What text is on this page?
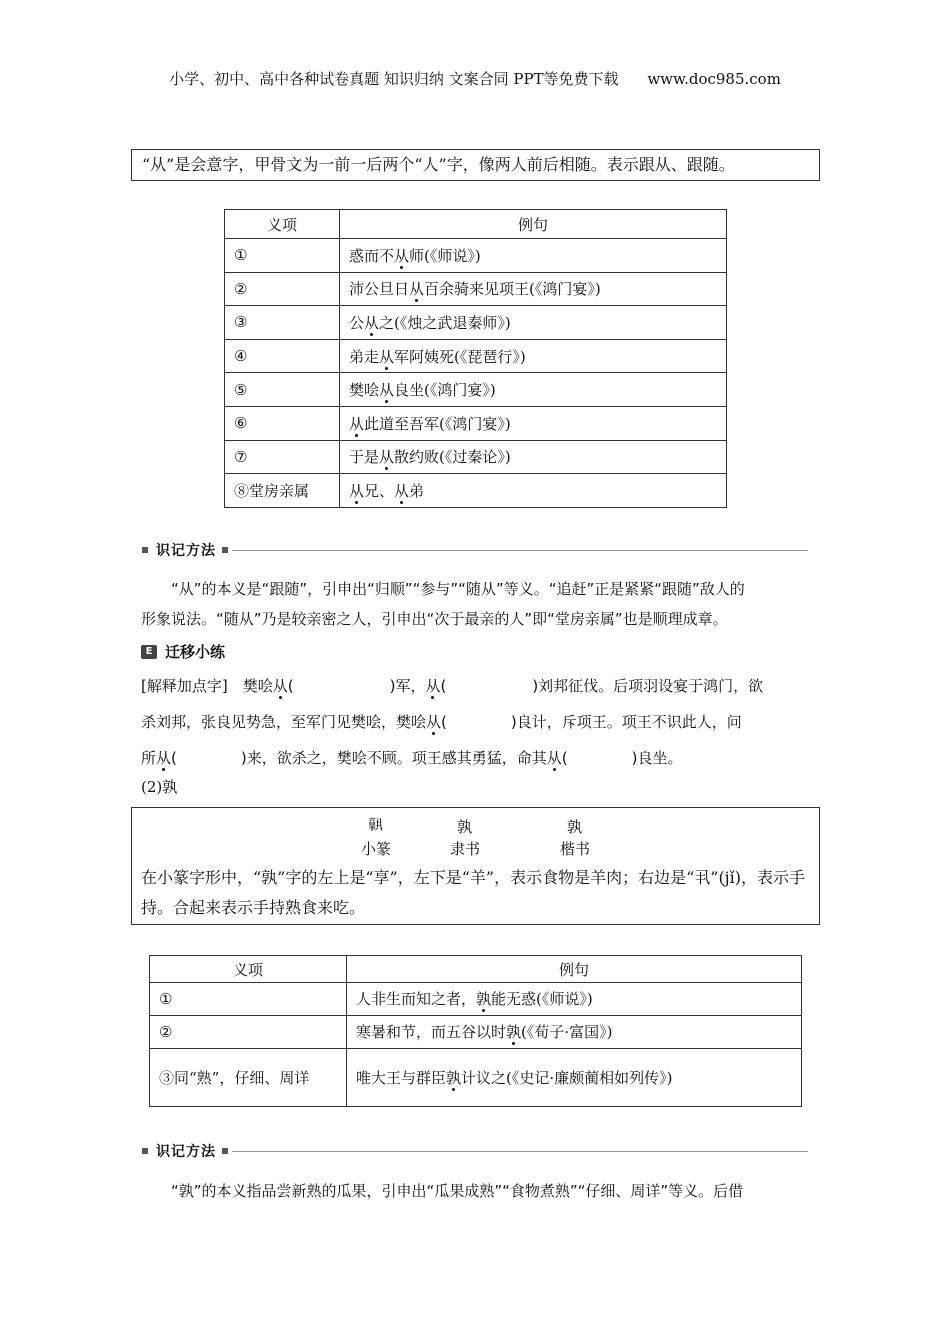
小学、初中、高中各种试卷真题 知识归纳 文案合同 PPT等免费下载 www.doc985.com
“从”是会意字，甲骨文为一前一后两个“人”字，像两人前后相随。表示跟从、跟随。
义项	例句
①	惑而不从师(《师说》)
②	沛公旦日从百余骑来见项王(《鸿门宴》)
③	公从之(《烛之武退秦师》)
④	弟走从军阿姨死(《琵琶行》)
⑤	樊哙从良坐(《鸿门宴》)
⑥	从此道至吾军(《鸿门宴》)
⑦	于是从散约败(《过秦论》)
⑧堂房亲属	从兄、从弟
识记方法
“从”的本义是“跟随”，引申出“归顺”“参与”“随从”等义。“追赶”正是紧紧“跟随”敌人的
形象说法。“随从”乃是较亲密之人，引申出“次于最亲的人”即“堂房亲属”也是顺理成章。
E 迁移小练
[解释加点字]　樊哙从(	)军，从(	)刘邦征伐。后项羽设宴于鸿门，欲
杀刘邦，张良见势急，至军门见樊哙，樊哙从(	)良计，斥项王。项王不识此人，问
所从(	)来，欲杀之，樊哙不顾。项王感其勇猛，命其从(	)良坐。
(2)孰
𦏧	孰	孰
小篆	隶书	楷书
在小篆字形中，“孰”字的左上是“享”，左下是“羊”，表示食物是羊肉；右边是“丮”(jǐ)，表示手持。合起来表示手持熟食来吃。
义项	例句
①	人非生而知之者，孰能无惑(《师说》)
②	寒暑和节，而五谷以时孰(《荀子·富国》)
③同“熟”，仔细、周详	唯大王与群臣孰计议之(《史记·廉颇蔺相如列传》)
识记方法
“孰”的本义指品尝新熟的瓜果，引申出“瓜果成熟”“食物煮熟”“仔细、周详”等义。后借
